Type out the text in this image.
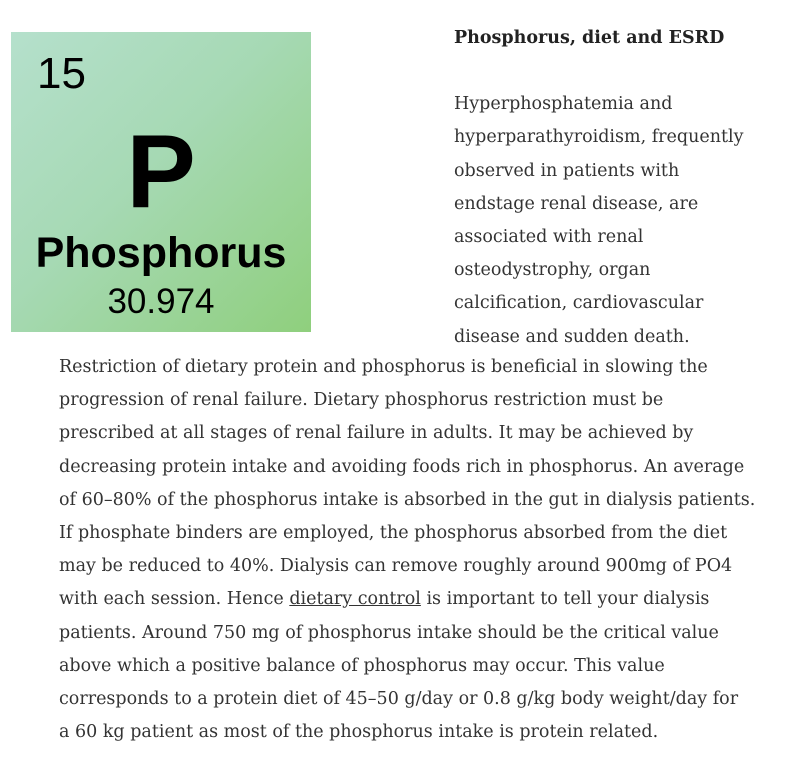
15
P
Phosphorus
30.974
Phosphorus, diet and ESRD

Hyperphosphatemia and
hyperparathyroidism, frequently
observed in patients with
endstage renal disease, are
associated with renal
osteodystrophy, organ
calcification, cardiovascular
disease and sudden death.

Restriction of dietary protein and phosphorus is beneficial in slowing the
progression of renal failure. Dietary phosphorus restriction must be
prescribed at all stages of renal failure in adults. It may be achieved by
decreasing protein intake and avoiding foods rich in phosphorus. An average
of 60–80% of the phosphorus intake is absorbed in the gut in dialysis patients.
If phosphate binders are employed, the phosphorus absorbed from the diet
may be reduced to 40%. Dialysis can remove roughly around 900mg of PO4
with each session. Hence dietary control is important to tell your dialysis
patients. Around 750 mg of phosphorus intake should be the critical value
above which a positive balance of phosphorus may occur. This value
corresponds to a protein diet of 45–50 g/day or 0.8 g/kg body weight/day for
a 60 kg patient as most of the phosphorus intake is protein related.
